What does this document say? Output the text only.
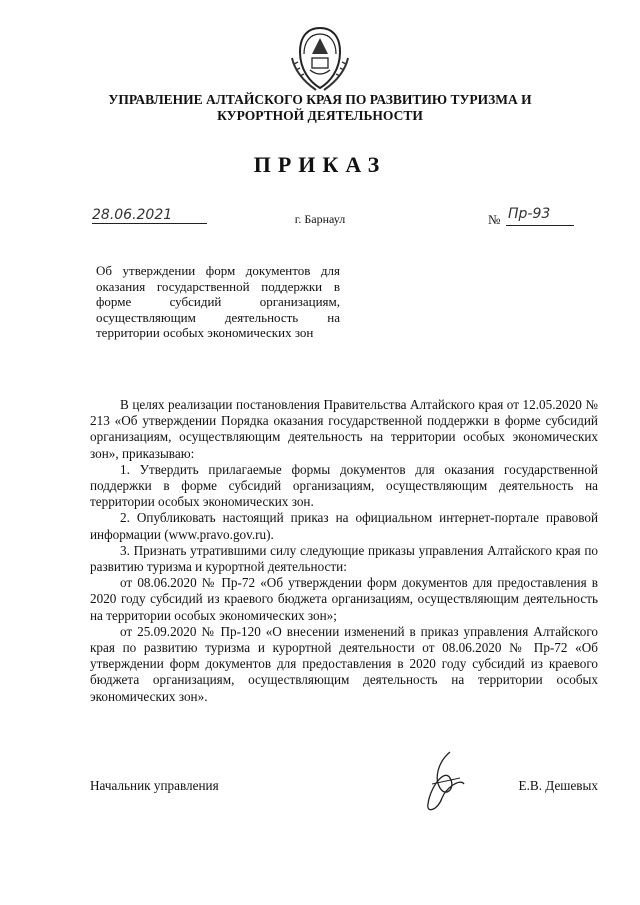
УПРАВЛЕНИЕ АЛТАЙСКОГО КРАЯ ПО РАЗВИТИЮ ТУРИЗМА И КУРОРТНОЙ ДЕЯТЕЛЬНОСТИ
ПРИКАЗ
28.06.2021	г. Барнаул	№ Пр-93
Об утверждении форм документов для оказания государственной поддержки в форме субсидий организациям, осуществляющим деятельность на территории особых экономических зон

В целях реализации постановления Правительства Алтайского края от 12.05.2020 № 213 «Об утверждении Порядка оказания государственной поддержки в форме субсидий организациям, осуществляющим деятельность на территории особых экономических зон», приказываю:

1. Утвердить прилагаемые формы документов для оказания государственной поддержки в форме субсидий организациям, осуществляющим деятельность на территории особых экономических зон.

2. Опубликовать настоящий приказ на официальном интернет-портале правовой информации (www.pravo.gov.ru).

3. Признать утратившими силу следующие приказы управления Алтайского края по развитию туризма и курортной деятельности:

от 08.06.2020 № Пр-72 «Об утверждении форм документов для предоставления в 2020 году субсидий из краевого бюджета организациям, осуществляющим деятельность на территории особых экономических зон»;

от 25.09.2020 № Пр-120 «О внесении изменений в приказ управления Алтайского края по развитию туризма и курортной деятельности от 08.06.2020 № Пр-72 «Об утверждении форм документов для предоставления в 2020 году субсидий из краевого бюджета организациям, осуществляющим деятельность на территории особых экономических зон».

Начальник управления	Е.В. Дешевых
